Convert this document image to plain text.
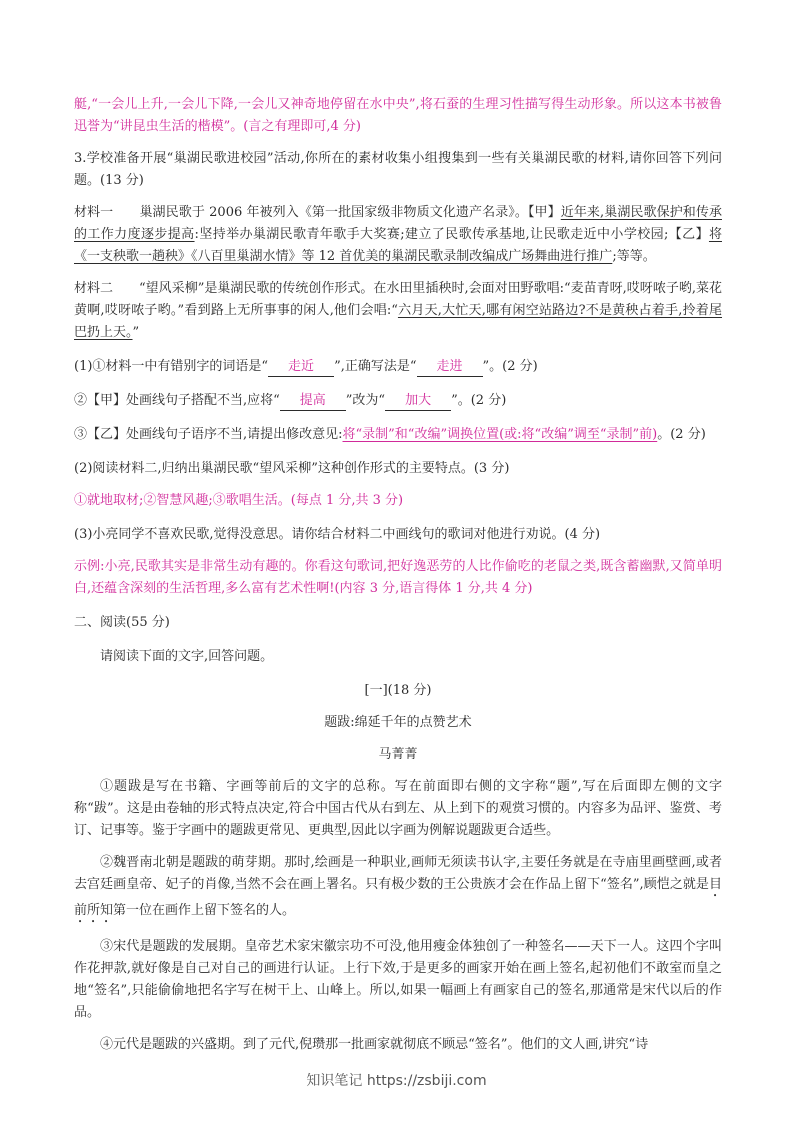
艇,“一会儿上升,一会儿下降,一会儿又神奇地停留在水中央”,将石蚕的生理习性描写得生动形象。所以这本书被鲁迅誉为“讲昆虫生活的楷模”。(言之有理即可,4 分)

3.学校准备开展“巢湖民歌进校园”活动,你所在的素材收集小组搜集到一些有关巢湖民歌的材料,请你回答下列问题。(13 分)

材料一　　 巢湖民歌于 2006 年被列入《第一批国家级非物质文化遗产名录》。【甲】近年来,巢湖民歌保护和传承的工作力度逐步提高:坚持举办巢湖民歌青年歌手大奖赛;建立了民歌传承基地,让民歌走近中小学校园;【乙】将《一支秧歌一趟秧》《八百里巢湖水情》等 12 首优美的巢湖民歌录制改编成广场舞曲进行推广;等等。

材料二　　 “望风采柳”是巢湖民歌的传统创作形式。在水田里插秧时,会面对田野歌唱:“麦苗青呀,哎呀哝子哟,菜花黄啊,哎呀哝子哟。”看到路上无所事事的闲人,他们会唱:“六月天,大忙天,哪有闲空站路边?不是黄秧占着手,拎着尾巴扔上天。”

(1)①材料一中有错别字的词语是“ 走近 ”,正确写法是“ 走进 ”。(2 分)

②【甲】处画线句子搭配不当,应将“ 提高 ”改为“ 加大 ”。(2 分)

③【乙】处画线句子语序不当,请提出修改意见:将“录制”和“改编”调换位置(或:将“改编”调至“录制”前)。(2 分)

(2)阅读材料二,归纳出巢湖民歌“望风采柳”这种创作形式的主要特点。(3 分)

①就地取材;②智慧风趣;③歌唱生活。(每点 1 分,共 3 分)

(3)小亮同学不喜欢民歌,觉得没意思。请你结合材料二中画线句的歌词对他进行劝说。(4 分)

示例:小亮,民歌其实是非常生动有趣的。你看这句歌词,把好逸恶劳的人比作偷吃的老鼠之类,既含蓄幽默,又简单明白,还蕴含深刻的生活哲理,多么富有艺术性啊!(内容 3 分,语言得体 1 分,共 4 分)

二、阅读(55 分)

请阅读下面的文字,回答问题。

[一](18 分)

题跋:绵延千年的点赞艺术

马菁菁

①题跋是写在书籍、字画等前后的文字的总称。写在前面即右侧的文字称“题”,写在后面即左侧的文字称“跋”。这是由卷轴的形式特点决定,符合中国古代从右到左、从上到下的观赏习惯的。内容多为品评、鉴赏、考订、记事等。鉴于字画中的题跋更常见、更典型,因此以字画为例解说题跋更合适些。

②魏晋南北朝是题跋的萌芽期。那时,绘画是一种职业,画师无须读书认字,主要任务就是在寺庙里画壁画,或者去宫廷画皇帝、妃子的肖像,当然不会在画上署名。只有极少数的王公贵族才会在作品上留下“签名”,顾恺之就是目前所知第一位在画作上留下签名的人。

③宋代是题跋的发展期。皇帝艺术家宋徽宗功不可没,他用瘦金体独创了一种签名——天下一人。这四个字叫作花押款,就好像是自己对自己的画进行认证。上行下效,于是更多的画家开始在画上签名,起初他们不敢室而皇之地“签名”,只能偷偷地把名字写在树干上、山峰上。所以,如果一幅画上有画家自己的签名,那通常是宋代以后的作品。

④元代是题跋的兴盛期。到了元代,倪瓒那一批画家就彻底不顾忌“签名”。他们的文人画,讲究“诗

知识笔记 https://zsbiji.com
